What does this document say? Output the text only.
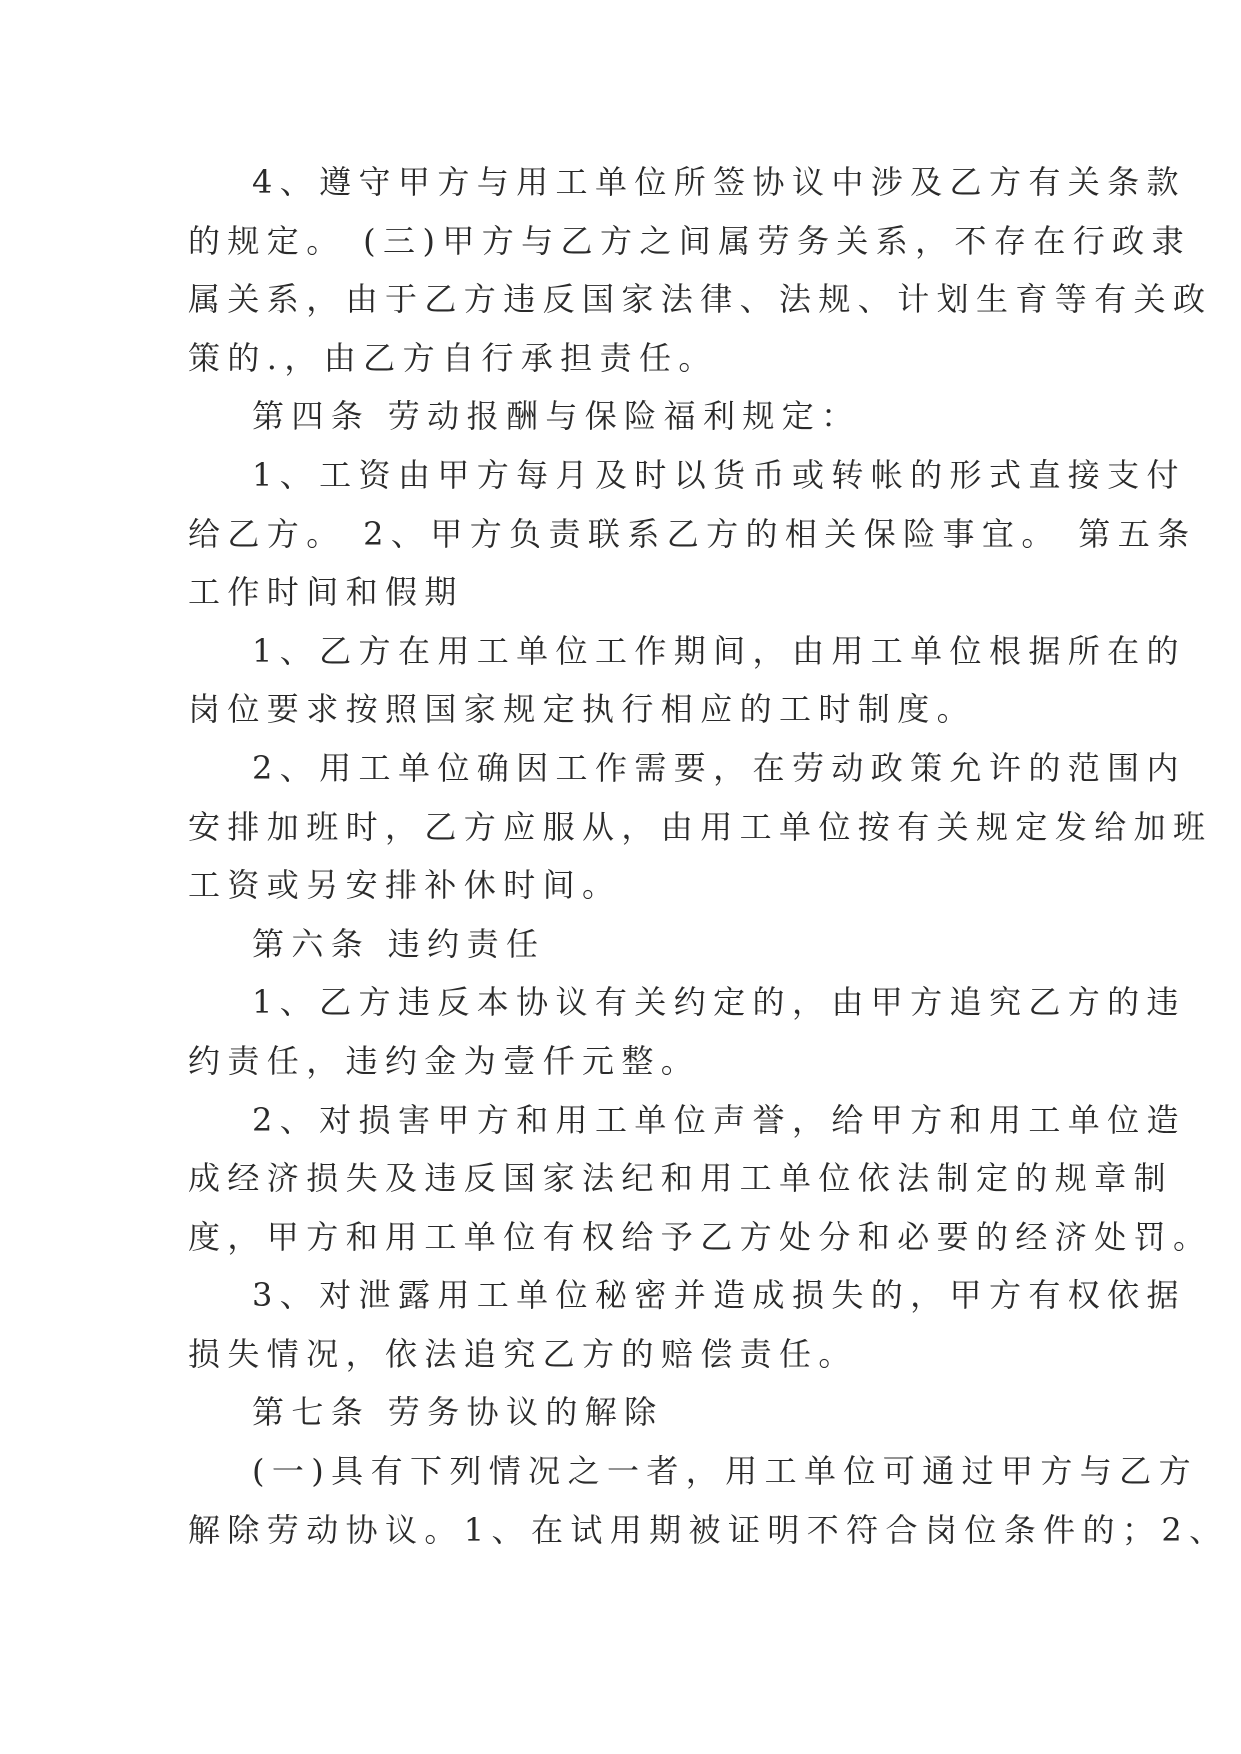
4、遵守甲方与用工单位所签协议中涉及乙方有关条款
的规定。 (三)甲方与乙方之间属劳务关系，不存在行政隶
属关系，由于乙方违反国家法律、法规、计划生育等有关政
策的.，由乙方自行承担责任。
第四条 劳动报酬与保险福利规定：
1、工资由甲方每月及时以货币或转帐的形式直接支付
给乙方。 2、甲方负责联系乙方的相关保险事宜。 第五条
工作时间和假期
1、乙方在用工单位工作期间，由用工单位根据所在的
岗位要求按照国家规定执行相应的工时制度。
2、用工单位确因工作需要，在劳动政策允许的范围内
安排加班时，乙方应服从，由用工单位按有关规定发给加班
工资或另安排补休时间。
第六条 违约责任
1、乙方违反本协议有关约定的，由甲方追究乙方的违
约责任，违约金为壹仟元整。
2、对损害甲方和用工单位声誉，给甲方和用工单位造
成经济损失及违反国家法纪和用工单位依法制定的规章制
度，甲方和用工单位有权给予乙方处分和必要的经济处罚。
3、对泄露用工单位秘密并造成损失的，甲方有权依据
损失情况，依法追究乙方的赔偿责任。
第七条 劳务协议的解除
(一)具有下列情况之一者，用工单位可通过甲方与乙方
解除劳动协议。1、在试用期被证明不符合岗位条件的；2、
